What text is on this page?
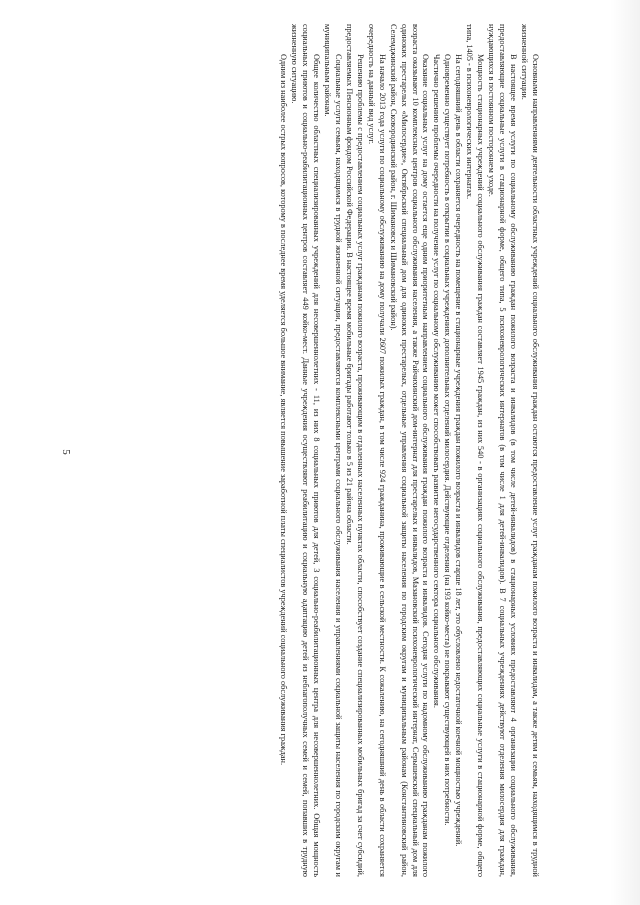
5	Основными направлениями деятельности областных учреждений социального обслуживания граждан остаются предоставление услуг гражданам пожилого возраста и инвалидам, а также детям и семьям, находящимся в трудной жизненной ситуации.

В настоящее время услуги по социальному обслуживанию граждан пожилого возраста и инвалидов (в том числе детей-инвалидов) в стационарных условиях предоставляют 4 организации социального обслуживания, предоставляющие социальные услуги в стационарной форме, общего типа, 5 психоневрологических интернатов (в том числе 1 для детей-инвалидов). В 7 социальных учреждениях действуют отделения милосердия для граждан, нуждающихся в постоянном постороннем уходе.

Мощность стационарных учреждений социального обслуживания граждан составляет 1945 граждан, из них 540 - в организациях социального обслуживания, предоставляющих социальные услуги в стационарной форме, общего типа, 1405 - в психоневрологических интернатах.

На сегодняшний день в области сохраняется очередность на помещение в стационарные учреждения граждан пожилого возраста и инвалидов старше 18 лет, это обусловлено недостаточной коечной мощностью учреждений.

Одновременно существует потребность в открытии в социальных учреждениях дополнительных отделений милосердия. Действующие отделения (на 193 койко-места) не покрывают существующей в них потребности.

Частично решению проблемы очередности на получение услуг по социальному обслуживанию может способствовать развитие негосударственного сектора социального обслуживания.

Оказание социальных услуг на дому остается еще одним приоритетным направлением социального обслуживания граждан пожилого возраста и инвалидов. Сегодня услуги по надомному обслуживанию гражданам пожилого возраста оказывают 10 комплексных центров социального обслуживания населения, а также Райчихинский дом-интернат для престарелых и инвалидов, Мазановский психоневрологический интернат, Серышевский специальный дом для одиноких престарелых «Милосердие», Октябрьский специальный дом для одиноких престарелых, отдельные управления социальной защиты населения по городским округам и муниципальным районам (Константиновский район, Селемджинский район, Сковородинский район, г. Шимановск и Шимановский район).

На начало 2013 года услуги по социальному обслуживанию на дому получали 2607 пожилых граждан, в том числе 924 гражданина, проживающие в сельской местности. К сожалению, на сегодняшний день в области сохраняется очередность на данный вид услуг.

Решению проблемы с предоставлением социальных услуг гражданам пожилого возраста, проживающим в отдаленных населенных пунктах области, способствует создание специализированных мобильных бригад за счет субсидий, предоставляемых Пенсионным фондом Российской Федерации. В настоящее время мобильные бригады работают только в 5 из 21 района области.

Социальные услуги семьям, находящимся в трудной жизненной ситуации, предоставляются комплексными центрами социального обслуживания населения и управлениями социальной защиты населения по городским округам и муниципальным районам.

Общее количество областных специализированных учреждений для несовершеннолетних - 11, из них 8 социальных приютов для детей, 3 социально-реабилитационных центра для несовершеннолетних. Общая мощность социальных приютов и социально-реабилитационных центров составляет 449 койко-мест. Данные учреждения осуществляют реабилитацию и социальную адаптацию детей из неблагополучных семей и семей, попавших в трудную жизненную ситуацию.

Одним из наиболее острых вопросов, которому в последнее время уделяется большое внимание, является повышение заработной платы специалистов учреждений социального обслуживания граждан.
